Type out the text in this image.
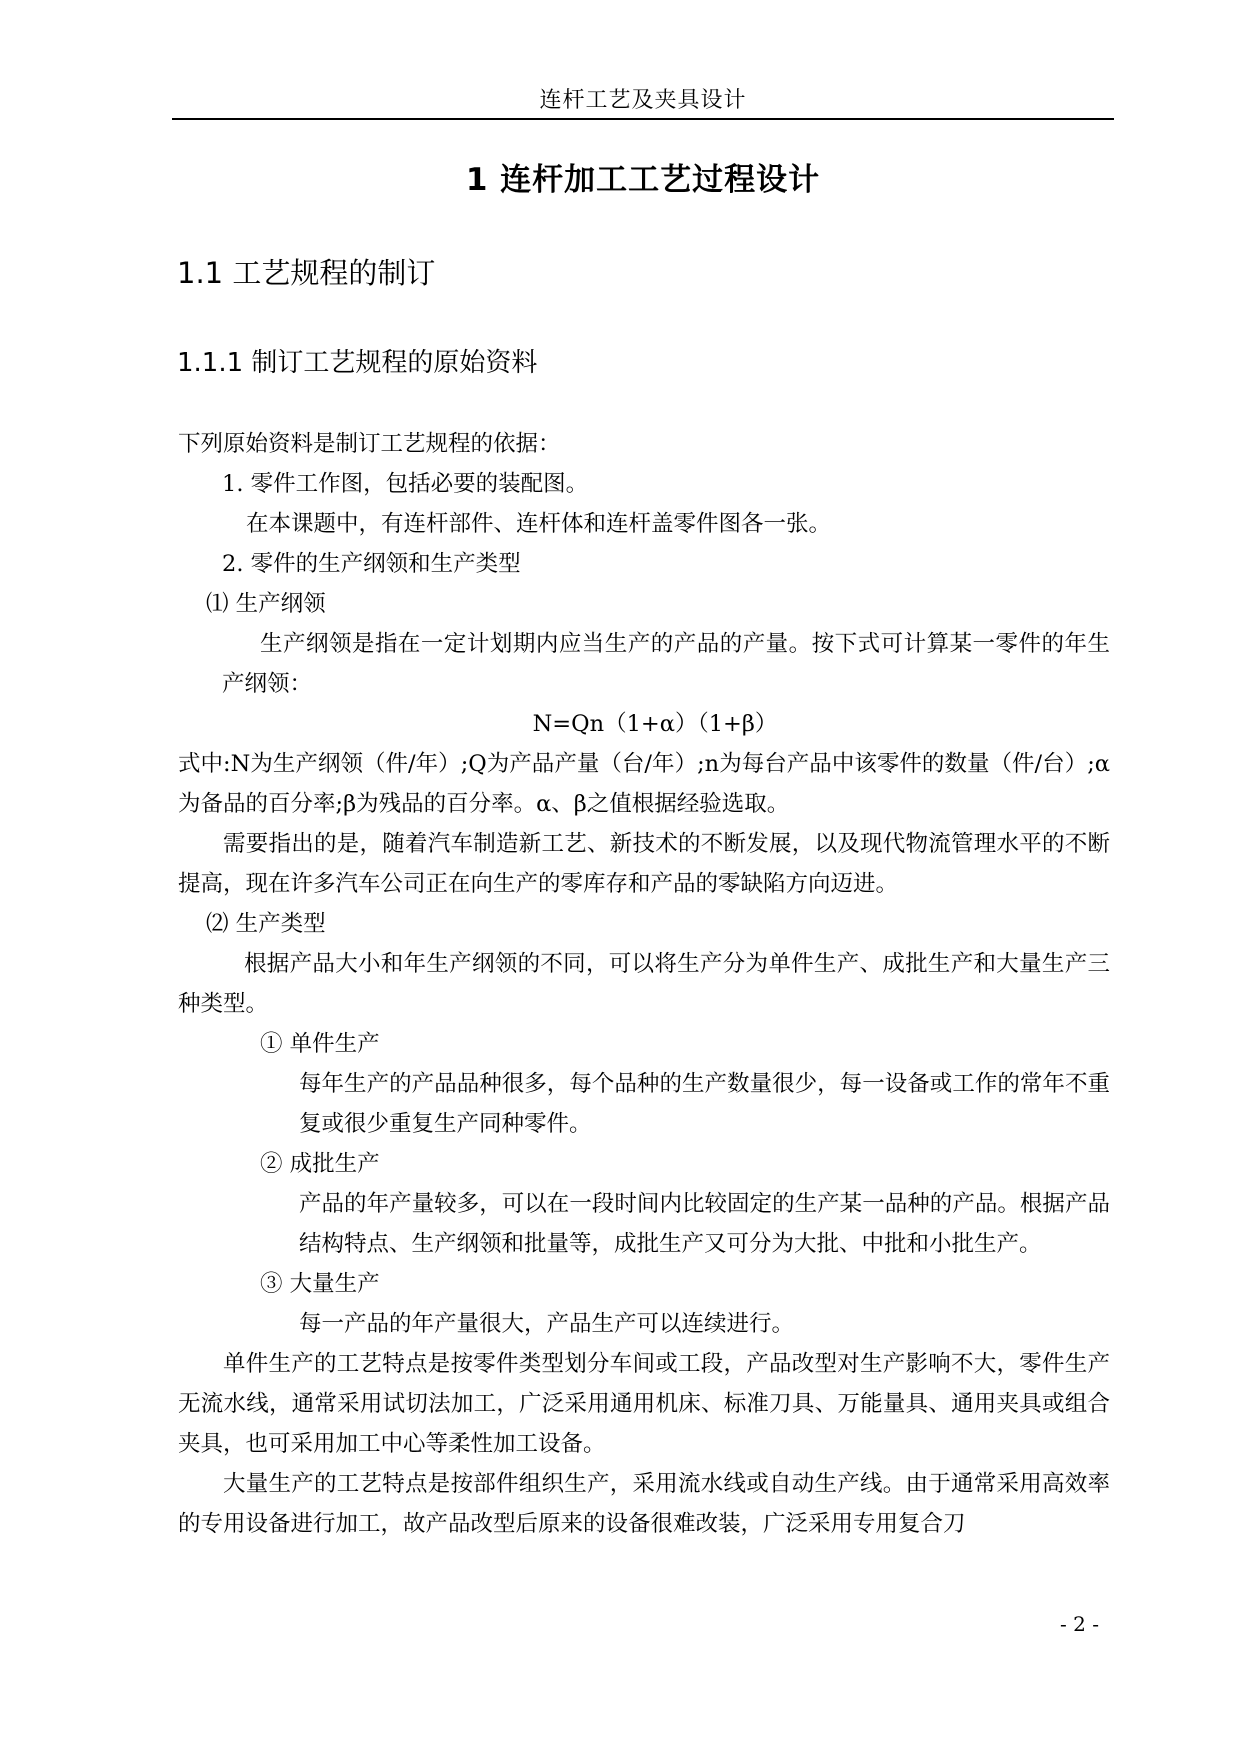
连杆工艺及夹具设计
1 连杆加工工艺过程设计
1.1 工艺规程的制订
1.1.1 制订工艺规程的原始资料

下列原始资料是制订工艺规程的依据：

1. 零件工作图，包括必要的装配图。

在本课题中，有连杆部件、连杆体和连杆盖零件图各一张。

2. 零件的生产纲领和生产类型

⑴ 生产纲领

生产纲领是指在一定计划期内应当生产的产品的产量。按下式可计算某一零件的年生产纲领：

N=Qn（1+α）（1+β）

式中:N为生产纲领（件/年）;Q为产品产量（台/年）;n为每台产品中该零件的数量（件/台）;α为备品的百分率;β为残品的百分率。α、β之值根据经验选取。

需要指出的是，随着汽车制造新工艺、新技术的不断发展，以及现代物流管理水平的不断提高，现在许多汽车公司正在向生产的零库存和产品的零缺陷方向迈进。

⑵ 生产类型

根据产品大小和年生产纲领的不同，可以将生产分为单件生产、成批生产和大量生产三种类型。

① 单件生产

每年生产的产品品种很多，每个品种的生产数量很少，每一设备或工作的常年不重复或很少重复生产同种零件。

② 成批生产

产品的年产量较多，可以在一段时间内比较固定的生产某一品种的产品。根据产品结构特点、生产纲领和批量等，成批生产又可分为大批、中批和小批生产。

③ 大量生产

每一产品的年产量很大，产品生产可以连续进行。

单件生产的工艺特点是按零件类型划分车间或工段，产品改型对生产影响不大，零件生产无流水线，通常采用试切法加工，广泛采用通用机床、标准刀具、万能量具、通用夹具或组合夹具，也可采用加工中心等柔性加工设备。

大量生产的工艺特点是按部件组织生产，采用流水线或自动生产线。由于通常采用高效率的专用设备进行加工，故产品改型后原来的设备很难改装，广泛采用专用复合刀

- 2 -
